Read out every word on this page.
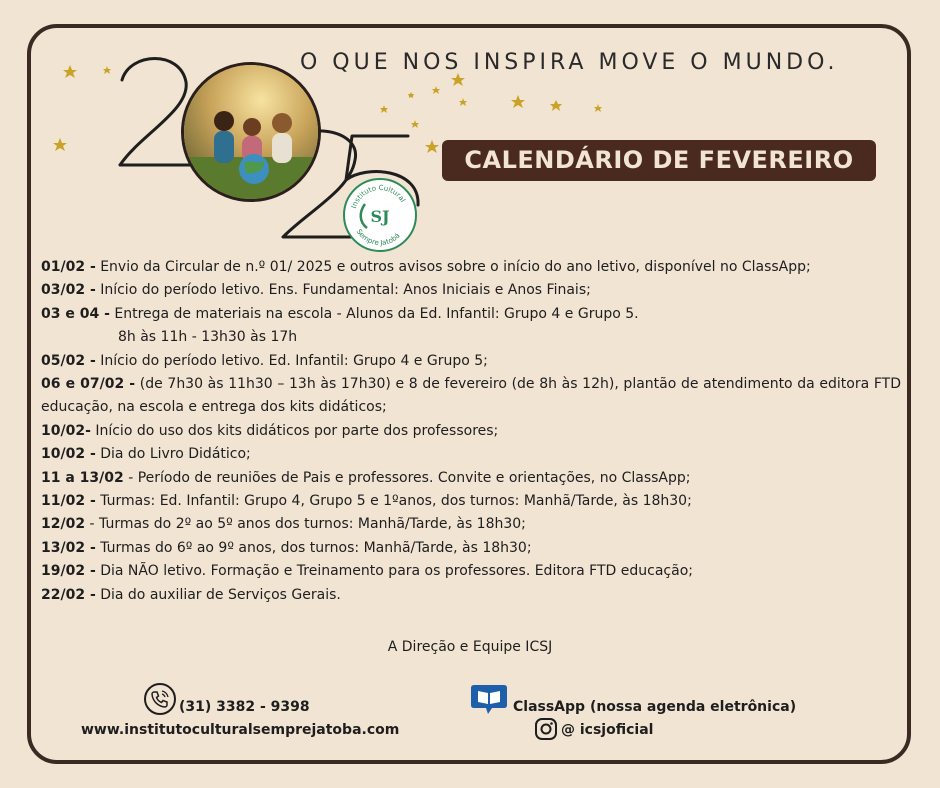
Instituto Cultural
Sempre Jatobá
SJ
O QUE NOS INSPIRA MOVE O MUNDO.
CALENDÁRIO DE FEVEREIRO

01/02 - Envio da Circular de n.º 01/ 2025 e outros avisos sobre o início do ano letivo, disponível no ClassApp;

03/02 - Início do período letivo. Ens. Fundamental: Anos Iniciais e Anos Finais;

03 e 04 - Entrega de materiais na escola - Alunos da Ed. Infantil: Grupo 4 e Grupo 5.

8h às 11h - 13h30 às 17h

05/02 - Início do período letivo. Ed. Infantil: Grupo 4 e Grupo 5;

06 e 07/02 - (de 7h30 às 11h30 – 13h às 17h30) e 8 de fevereiro (de 8h às 12h), plantão de atendimento da editora FTD educação, na escola e entrega dos kits didáticos;

10/02- Início do uso dos kits didáticos por parte dos professores;

10/02 - Dia do Livro Didático;

11 a 13/02 - Período de reuniões de Pais e professores. Convite e orientações, no ClassApp;

11/02 - Turmas: Ed. Infantil: Grupo 4, Grupo 5 e 1ºanos, dos turnos: Manhã/Tarde, às 18h30;

12/02 - Turmas do 2º ao 5º anos dos turnos: Manhã/Tarde, às 18h30;

13/02 - Turmas do 6º ao 9º anos, dos turnos: Manhã/Tarde, às 18h30;

19/02 - Dia NÃO letivo. Formação e Treinamento para os professores. Editora FTD educação;

22/02 - Dia do auxiliar de Serviços Gerais.

A Direção e Equipe ICSJ
(31) 3382 - 9398
www.institutoculturalsemprejatoba.com
ClassApp (nossa agenda eletrônica)
@ icsjoficial
